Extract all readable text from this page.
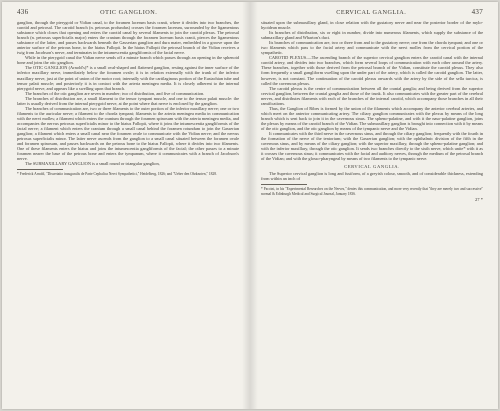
436	OTIC GANGLION.

ganglion, through the pterygoid or Vidian canal, to the foramen lacerum basis cranii, where it divides into two branches, the carotid and petrosal. The carotid branch (n. petrosus profundus) crosses the foramen lacerum, surrounded by the ligamentous substance which closes that opening and enters the carotid canal by several filaments to join the carotid plexus. The petrosal branch (n. petrosus superficialis major) enters the cranium through the foramen lacerum basis cranii, pierces the ligamentous substance of the latter, and passes backwards beneath the Gasserian ganglion and dura mater, embedded in a groove upon the anterior surface of the petrous bone, to the hiatus Fallopii. In the hiatus Fallopii the petrosal branch of the Vidian receives a twig from Jacobson's nerve, and terminates in the intumescentia gangliformis of the facial nerve.

While in the pterygoid canal the Vidian nerve sends off a minute branch which passes through an opening in the sphenoid bone and joins the otic ganglion.

The OTIC GANGLION (Arnold's)* is a small oval-shaped and flattened ganglion, resting against the inner surface of the inferior maxillary nerve, immediately below the foramen ovale; it is in relation externally with the trunk of the inferior maxillary nerve, just at the point of union of the motor root; internally with the cartilaginous portion of the Eustachian tube and tensor palati muscle; and posteriorly it is in contact with the arteria meningea media. It is closely adherent to the internal pterygoid nerve, and appears like a swelling upon that branch.

The branches of the otic ganglion are seven in number; two of distribution, and five of communication.

The branches of distribution are, a small filament to the tensor tympani muscle, and one to the tensor palati muscle: the latter is usually derived from the internal pterygoid nerve, at the point where that nerve is enclosed by the ganglion.

The branches of communication are, two or three filaments to the outer portion of the inferior maxillary nerve; one or two filaments to the auricular nerve; a filament to the chorda tympani; filaments to the arteria meningea media in communication with the nervi molles; a filament which enters the cranium through the foramen spinosum with the arteria meningea media, and accompanies the nervus petrosus superficialis minor to the hiatus Fallopii, where it joins the intumescentia gangliformis of the facial nerve; a filament which enters the cranium through a small canal behind the foramen rotundum to join the Gasserian ganglion; a filament which enters a small canal near the foramen ovale to communicate with the Vidian nerve; and the nervus petrosus superficialis minor. The latter nerve ascends from the ganglion to a small canal situated between the foramen ovale and foramen spinosum, and passes backwards on the petrous bone to the hiatus Fallopii, where it divides into two filaments. One of these filaments enters the hiatus and joins the intumescentia gangliformis of the facial; the other passes to a minute foramen nearer the base of the petrous bone and enters the tympanum, where it communicates with a branch of Jacobson's nerve.

The SUBMAXILLARY GANGLION is a small round or triangular ganglion,

* Frederick Arnold, "Dissertatio inauguralis de Parte Cephalica Nervi Sympathetici," Heidelberg, 1826; and "Ueber den Ohrknoten," 1828.
CERVICAL GANGLIA.	437

situated upon the submaxillary gland, in close relation with the gustatory nerve and near the posterior border of the mylo-hyoidean muscle.

Its branches of distribution, six or eight in number, divide into numerous filaments, which supply the substance of the submaxillary gland and Wharton's duct.

Its branches of communication are, two or three from and to the gustatory nerve; one from the chorda tympani; and one or two filaments which pass to the facial artery and communicate with the nervi molles from the cervical portion of the sympathetic.

CAROTID PLEXUS.—The ascending branch of the superior cervical ganglion enters the carotid canal with the internal carotid artery, and divides into two branches, which form several loops of communication with each other around the artery. These branches, together with those derived from the petrosal branch of the Vidian, constitute the carotid plexus. They also form frequently a small gangliform swelling upon the under part of the artery, which is called the carotid ganglion. The latter, however, is not constant. The continuation of the carotid plexus onwards with the artery by the side of the sella turcica, is called the cavernous plexus.

The carotid plexus is the centre of communication between all the cranial ganglia; and being derived from the superior cervical ganglion, between the cranial ganglia and those of the trunk. It also communicates with the greater part of the cerebral nerves, and distributes filaments with each of the branches of the internal carotid, which accompany those branches in all their ramifications.

Thus, the Ganglion of Ribes is formed by the union of the filaments which accompany the anterior cerebral arteries, and which meet on the anterior communicating artery. The ciliary ganglion communicates with the plexus by means of the long branch which is sent back to join it in the cavernous sinus. The spheno-palatine, and with it the naso-palatine ganglion, joins the plexus by means of the carotid branch of the Vidian. The submaxillary ganglion is brought into connection with it by means of the otic ganglion, and the otic ganglion by means of the tympanic nerve and the Vidian.

It communicates with the third nerve in the cavernous sinus, and through the ciliary ganglion; frequently with the fourth in the formation of the nerve of the tentorium; with the Gasserian ganglion; with the ophthalmic division of the fifth in the cavernous sinus, and by means of the ciliary ganglion; with the superior maxillary, through the spheno-palatine ganglion; and with the inferior maxillary, through the otic ganglion. It sends two branches directly to the sixth nerve, which unite* with it as it crosses the cavernous sinus; it communicates with the facial and auditory nerves, through the medium of the petrosal branch of the Vidian; and with the glosso-pharyngeal by means of two filaments to the tympanic nerve.

CERVICAL GANGLIA.

The Superior cervical ganglion is long and fusiform, of a greyish colour, smooth, and of considerable thickness, extending from within an inch of

* Paccini, in his "Experimental Researches on the Nerves," denies this communication, and more very recently that "they are merely two and successive" normal & Edinburgh Medical and Surgical Journal, January 1836.
27 *
